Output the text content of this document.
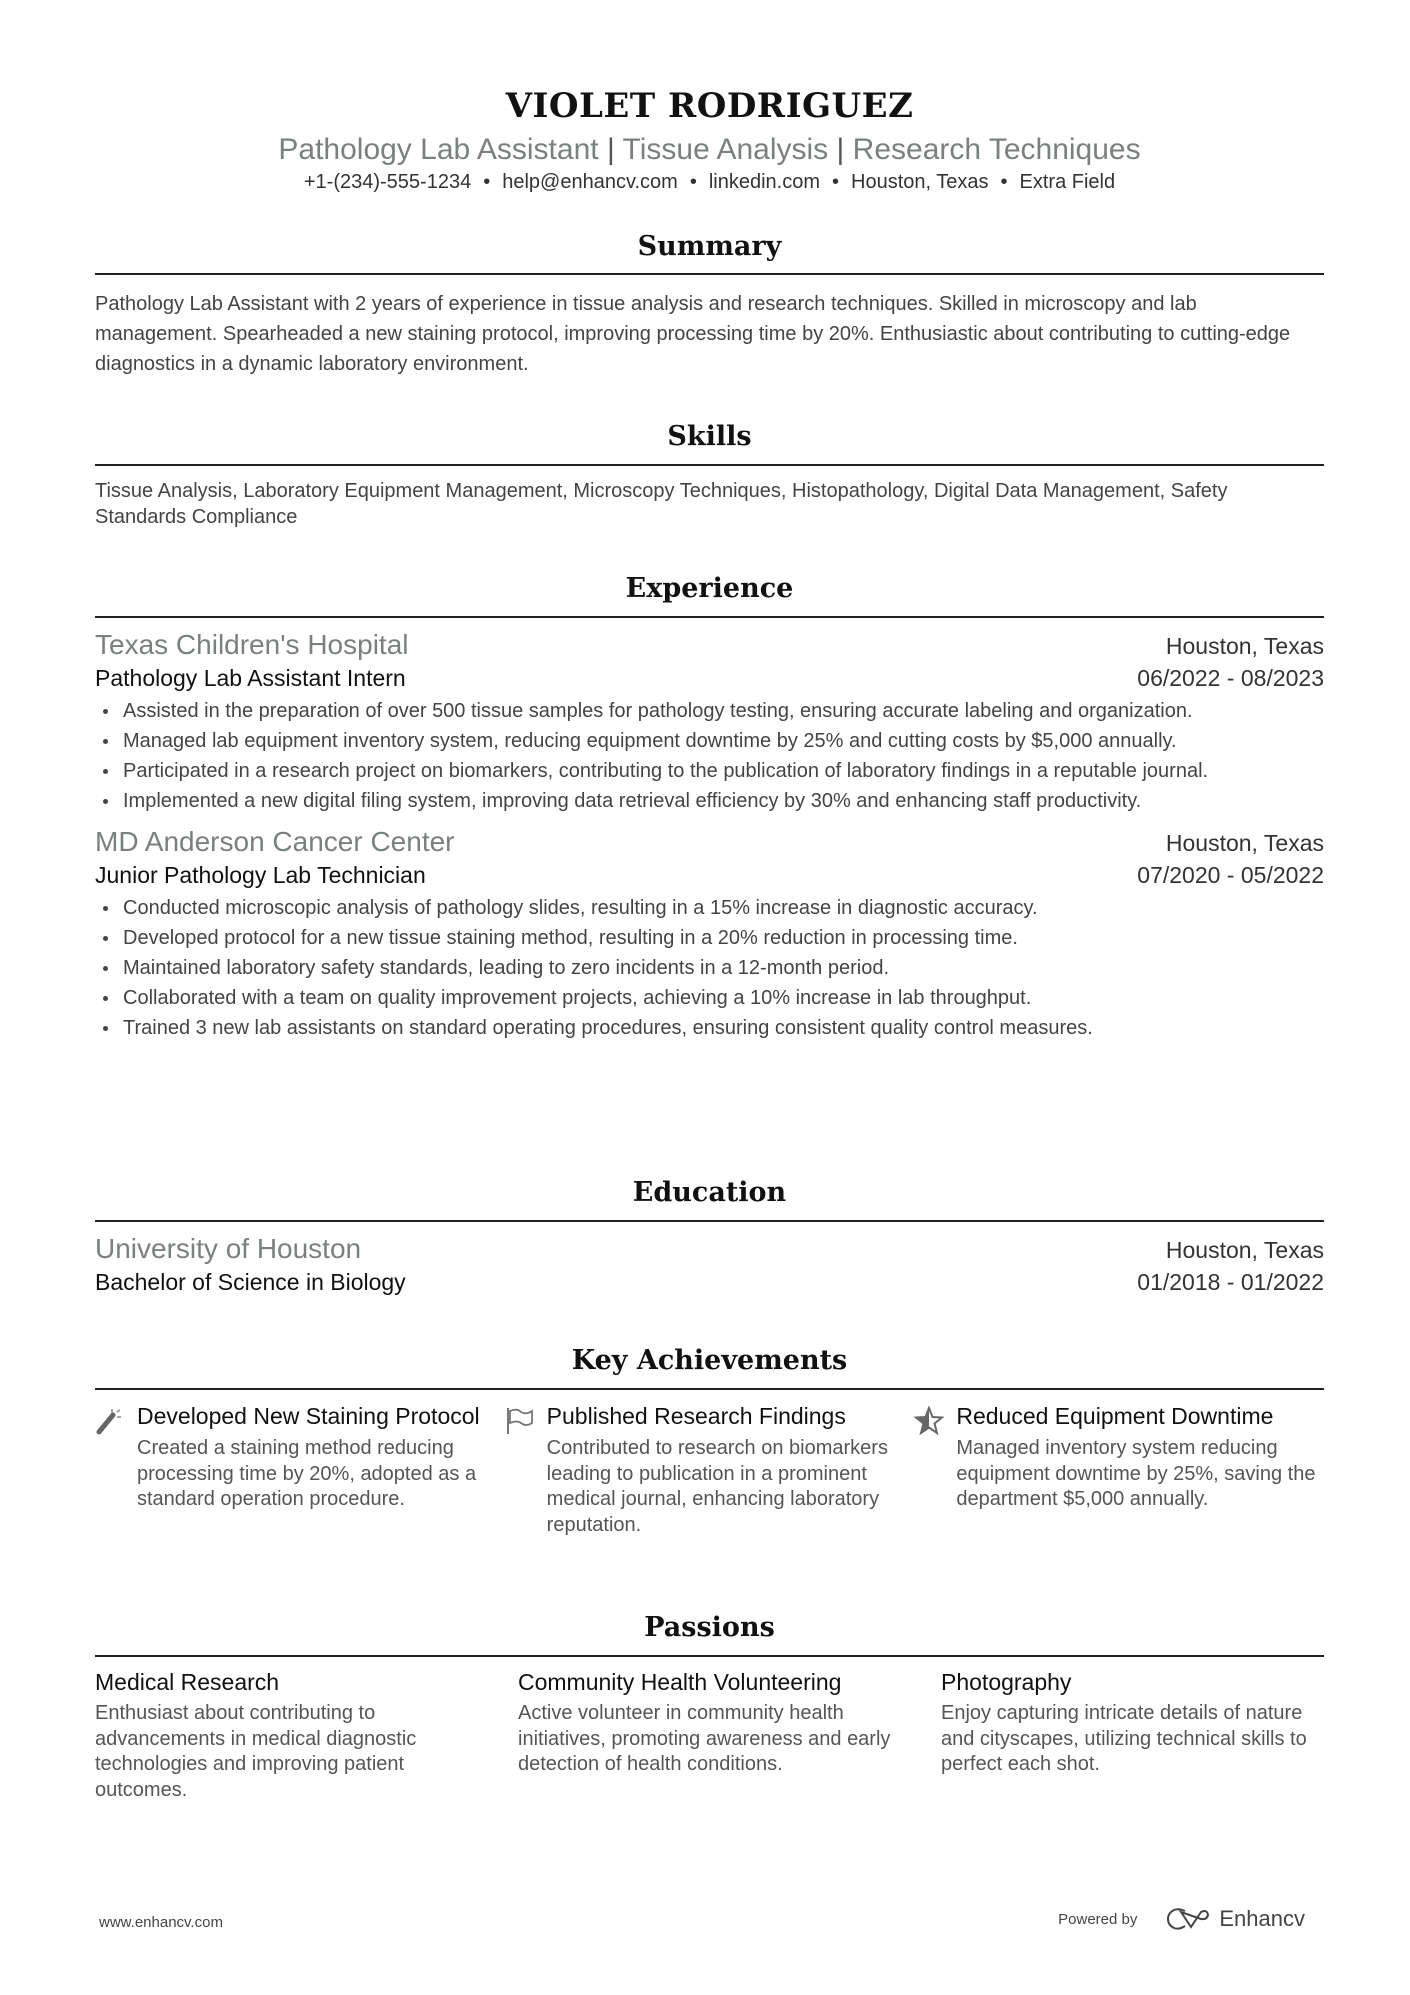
VIOLET RODRIGUEZ
Pathology Lab Assistant | Tissue Analysis | Research Techniques
+1-(234)-555-1234 • help@enhancv.com • linkedin.com • Houston, Texas • Extra Field
Summary
Pathology Lab Assistant with 2 years of experience in tissue analysis and research techniques. Skilled in microscopy and lab management. Spearheaded a new staining protocol, improving processing time by 20%. Enthusiastic about contributing to cutting-edge diagnostics in a dynamic laboratory environment.
Skills
Tissue Analysis, Laboratory Equipment Management, Microscopy Techniques, Histopathology, Digital Data Management, Safety Standards Compliance
Experience
Texas Children's Hospital	Houston, Texas
Pathology Lab Assistant Intern	06/2022 - 08/2023
Assisted in the preparation of over 500 tissue samples for pathology testing, ensuring accurate labeling and organization.
Managed lab equipment inventory system, reducing equipment downtime by 25% and cutting costs by $5,000 annually.
Participated in a research project on biomarkers, contributing to the publication of laboratory findings in a reputable journal.
Implemented a new digital filing system, improving data retrieval efficiency by 30% and enhancing staff productivity.
MD Anderson Cancer Center	Houston, Texas
Junior Pathology Lab Technician	07/2020 - 05/2022
Conducted microscopic analysis of pathology slides, resulting in a 15% increase in diagnostic accuracy.
Developed protocol for a new tissue staining method, resulting in a 20% reduction in processing time.
Maintained laboratory safety standards, leading to zero incidents in a 12-month period.
Collaborated with a team on quality improvement projects, achieving a 10% increase in lab throughput.
Trained 3 new lab assistants on standard operating procedures, ensuring consistent quality control measures.
Education
University of Houston	Houston, Texas
Bachelor of Science in Biology	01/2018 - 01/2022
Key Achievements
Developed New Staining Protocol
Created a staining method reducing processing time by 20%, adopted as a standard operation procedure.
Published Research Findings
Contributed to research on biomarkers leading to publication in a prominent medical journal, enhancing laboratory reputation.
Reduced Equipment Downtime
Managed inventory system reducing equipment downtime by 25%, saving the department $5,000 annually.
Passions
Medical Research
Enthusiast about contributing to advancements in medical diagnostic technologies and improving patient outcomes.
Community Health Volunteering
Active volunteer in community health initiatives, promoting awareness and early detection of health conditions.
Photography
Enjoy capturing intricate details of nature and cityscapes, utilizing technical skills to perfect each shot.
www.enhancv.com	Powered by	Enhancv
